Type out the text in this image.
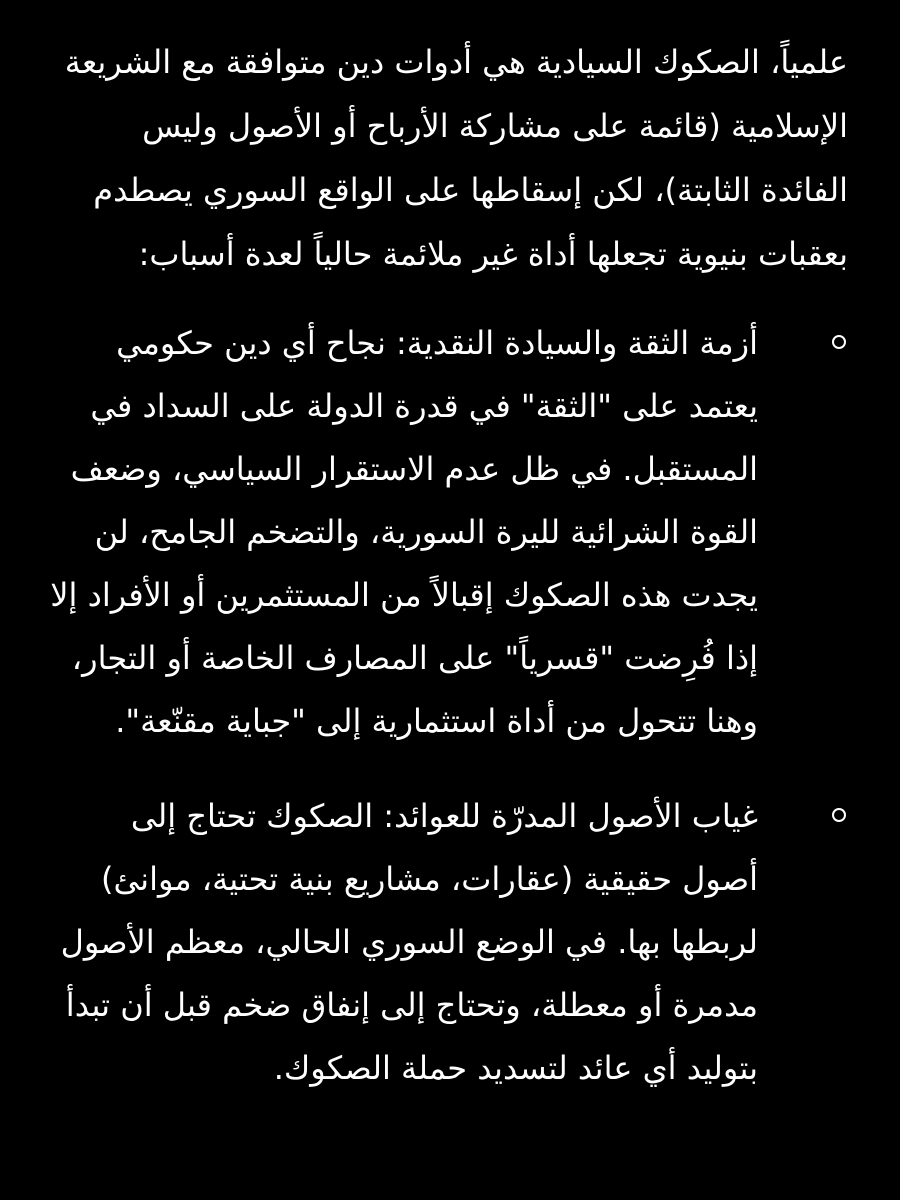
علمياً، الصكوك السيادية هي أدوات دين متوافقة مع الشريعة الإسلامية (قائمة على مشاركة الأرباح أو الأصول وليس الفائدة الثابتة)، لكن إسقاطها على الواقع السوري يصطدم بعقبات بنيوية تجعلها أداة غير ملائمة حالياً لعدة أسباب:

أزمة الثقة والسيادة النقدية: نجاح أي دين حكومي يعتمد على "الثقة" في قدرة الدولة على السداد في المستقبل. في ظل عدم الاستقرار السياسي، وضعف القوة الشرائية لليرة السورية، والتضخم الجامح، لن يجدت هذه الصكوك إقبالاً من المستثمرين أو الأفراد إلا إذا فُرِضت "قسرياً" على المصارف الخاصة أو التجار، وهنا تتحول من أداة استثمارية إلى "جباية مقنّعة".
غياب الأصول المدرّة للعوائد: الصكوك تحتاج إلى أصول حقيقية (عقارات، مشاريع بنية تحتية، موانئ) لربطها بها. في الوضع السوري الحالي، معظم الأصول مدمرة أو معطلة، وتحتاج إلى إنفاق ضخم قبل أن تبدأ بتوليد أي عائد لتسديد حملة الصكوك.
